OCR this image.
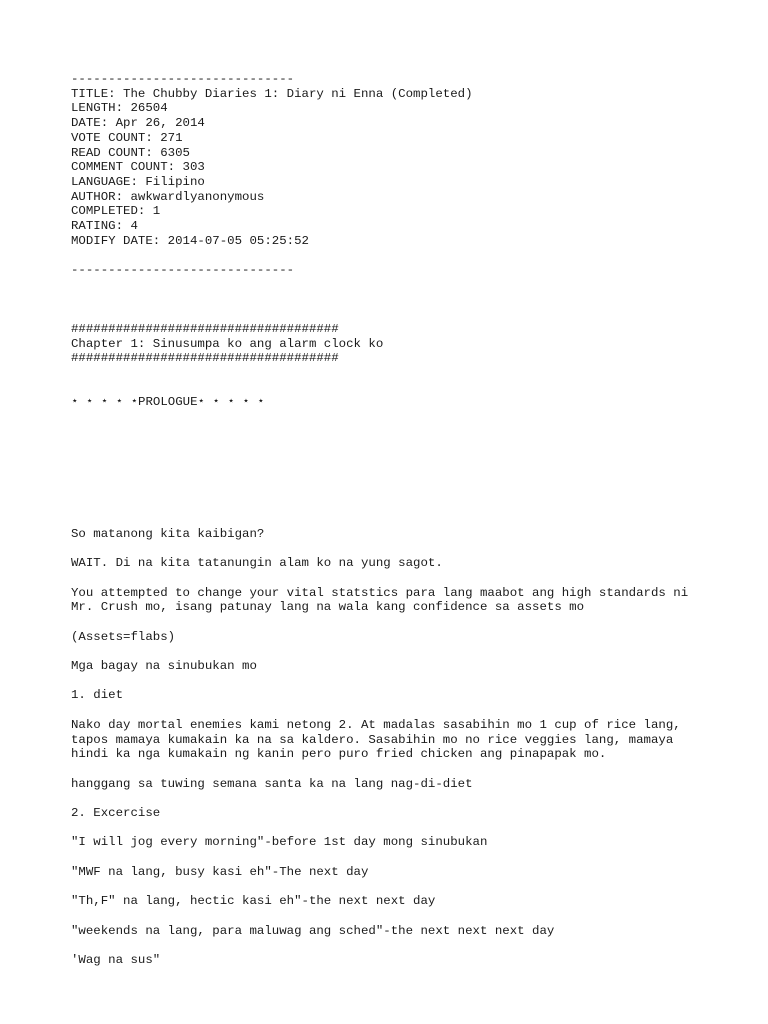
------------------------------
TITLE: The Chubby Diaries 1: Diary ni Enna (Completed)
LENGTH: 26504
DATE: Apr 26, 2014
VOTE COUNT: 271
READ COUNT: 6305
COMMENT COUNT: 303
LANGUAGE: Filipino
AUTHOR: awkwardlyanonymous
COMPLETED: 1
RATING: 4
MODIFY DATE: 2014-07-05 05:25:52
------------------------------
####################################
Chapter 1: Sinusumpa ko ang alarm clock ko
####################################
⋆ ⋆ ⋆ ⋆ ⋆PROLOGUE⋆ ⋆ ⋆ ⋆ ⋆
So matanong kita kaibigan?
WAIT. Di na kita tatanungin alam ko na yung sagot.
You attempted to change your vital statstics para lang maabot ang high standards ni
Mr. Crush mo, isang patunay lang na wala kang confidence sa assets mo
(Assets=flabs)
Mga bagay na sinubukan mo
1. diet
Nako day mortal enemies kami netong 2. At madalas sasabihin mo 1 cup of rice lang,
tapos mamaya kumakain ka na sa kaldero. Sasabihin mo no rice veggies lang, mamaya
hindi ka nga kumakain ng kanin pero puro fried chicken ang pinapapak mo.
hanggang sa tuwing semana santa ka na lang nag-di-diet
2. Excercise
"I will jog every morning"-before 1st day mong sinubukan
"MWF na lang, busy kasi eh"-The next day
"Th,F" na lang, hectic kasi eh"-the next next day
"weekends na lang, para maluwag ang sched"-the next next next day
'Wag na sus"
